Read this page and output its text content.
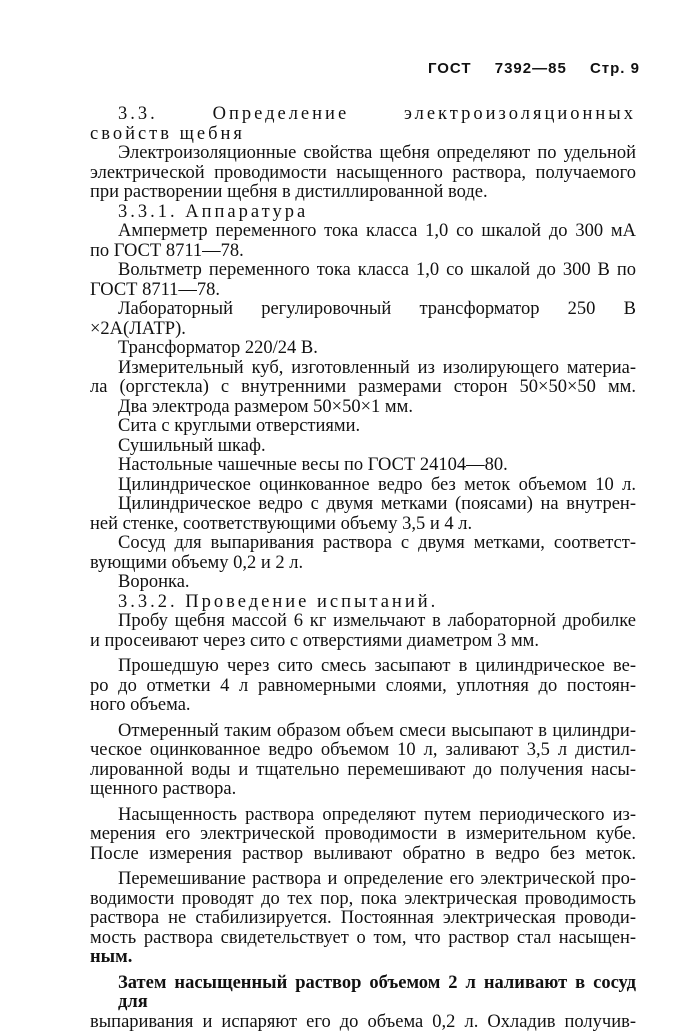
ГОСТ 7392—85 Стр. 9
3.3. Определение электроизоляционных
свойств щебня
Электроизоляционные свойства щебня определяют по удельной
электрической проводимости насыщенного раствора, получаемого
при растворении щебня в дистиллированной воде.
3.3.1. Аппаратура
Амперметр переменного тока класса 1,0 со шкалой до 300 мА
по ГОСТ 8711—78.
Вольтметр переменного тока класса 1,0 со шкалой до 300 В по
ГОСТ 8711—78.
Лабораторный регулировочный трансформатор 250 В
×2А(ЛАТР).
Трансформатор 220/24 В.
Измерительный куб, изготовленный из изолирующего материа-
ла (оргстекла) с внутренними размерами сторон 50×50×50 мм.
Два электрода размером 50×50×1 мм.
Сита с круглыми отверстиями.
Сушильный шкаф.
Настольные чашечные весы по ГОСТ 24104—80.
Цилиндрическое оцинкованное ведро без меток объемом 10 л.
Цилиндрическое ведро с двумя метками (поясами) на внутрен-
ней стенке, соответствующими объему 3,5 и 4 л.
Сосуд для выпаривания раствора с двумя метками, соответст-
вующими объему 0,2 и 2 л.
Воронка.
3.3.2. Проведение испытаний.
Пробу щебня массой 6 кг измельчают в лабораторной дробилке
и просеивают через сито с отверстиями диаметром 3 мм.
Прошедшую через сито смесь засыпают в цилиндрическое ве-
ро до отметки 4 л равномерными слоями, уплотняя до постоян-
ного объема.
Отмеренный таким образом объем смеси высыпают в цилиндри-
ческое оцинкованное ведро объемом 10 л, заливают 3,5 л дистил-
лированной воды и тщательно перемешивают до получения насы-
щенного раствора.
Насыщенность раствора определяют путем периодического из-
мерения его электрической проводимости в измерительном кубе.
После измерения раствор выливают обратно в ведро без меток.
Перемешивание раствора и определение его электрической про-
водимости проводят до тех пор, пока электрическая проводимость
раствора не стабилизируется. Постоянная электрическая проводи-
мость раствора свидетельствует о том, что раствор стал насыщен-
ным.
Затем насыщенный раствор объемом 2 л наливают в сосуд для
выпаривания и испаряют его до объема 0,2 л. Охладив получив-
